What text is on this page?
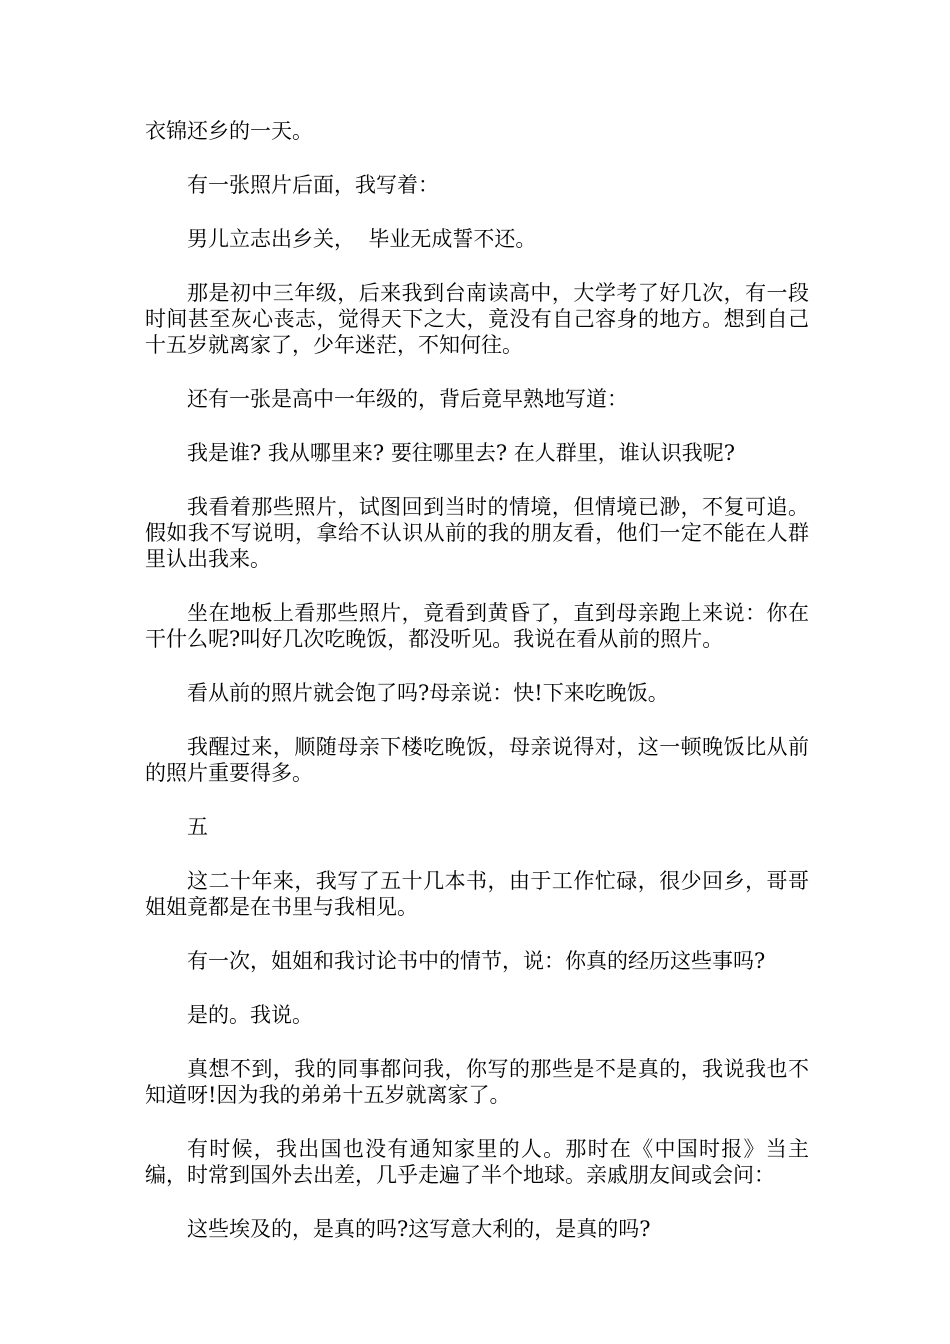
衣锦还乡的一天。

有一张照片后面，我写着：

男儿立志出乡关，  毕业无成誓不还。

那是初中三年级，后来我到台南读高中，大学考了好几次，有一段时间甚至灰心丧志，觉得天下之大，竟没有自己容身的地方。想到自己十五岁就离家了，少年迷茫，不知何往。

还有一张是高中一年级的，背后竟早熟地写道：

我是谁? 我从哪里来? 要往哪里去? 在人群里，谁认识我呢?

我看着那些照片，试图回到当时的情境，但情境已渺，不复可追。假如我不写说明，拿给不认识从前的我的朋友看，他们一定不能在人群里认出我来。

坐在地板上看那些照片，竟看到黄昏了，直到母亲跑上来说：你在干什么呢?叫好几次吃晚饭，都没听见。我说在看从前的照片。

看从前的照片就会饱了吗?母亲说：快!下来吃晚饭。

我醒过来，顺随母亲下楼吃晚饭，母亲说得对，这一顿晚饭比从前的照片重要得多。

五

这二十年来，我写了五十几本书，由于工作忙碌，很少回乡，哥哥姐姐竟都是在书里与我相见。

有一次，姐姐和我讨论书中的情节，说：你真的经历这些事吗?

是的。我说。

真想不到，我的同事都问我，你写的那些是不是真的，我说我也不知道呀!因为我的弟弟十五岁就离家了。

有时候，我出国也没有通知家里的人。那时在《中国时报》当主编，时常到国外去出差，几乎走遍了半个地球。亲戚朋友间或会问：

这些埃及的，是真的吗?这写意大利的，是真的吗?
